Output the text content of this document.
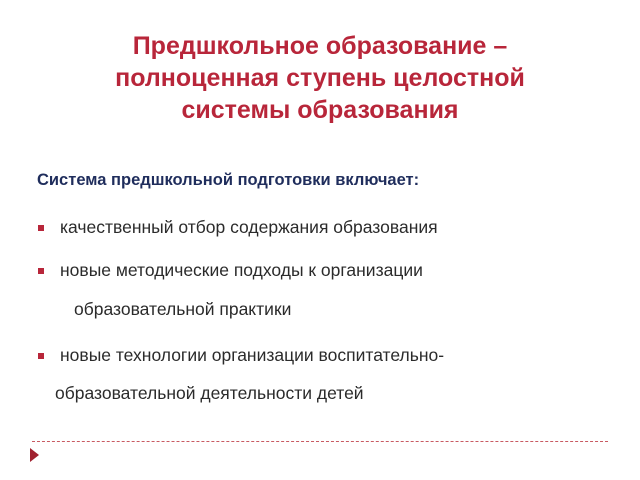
Предшкольное образование –
полноценная ступень целостной
системы образования

Система предшкольной подготовки включает:

качественный отбор содержания образования
новые методические подходы к организации
образовательной практики
новые технологии организации воспитательно-
образовательной деятельности детей
